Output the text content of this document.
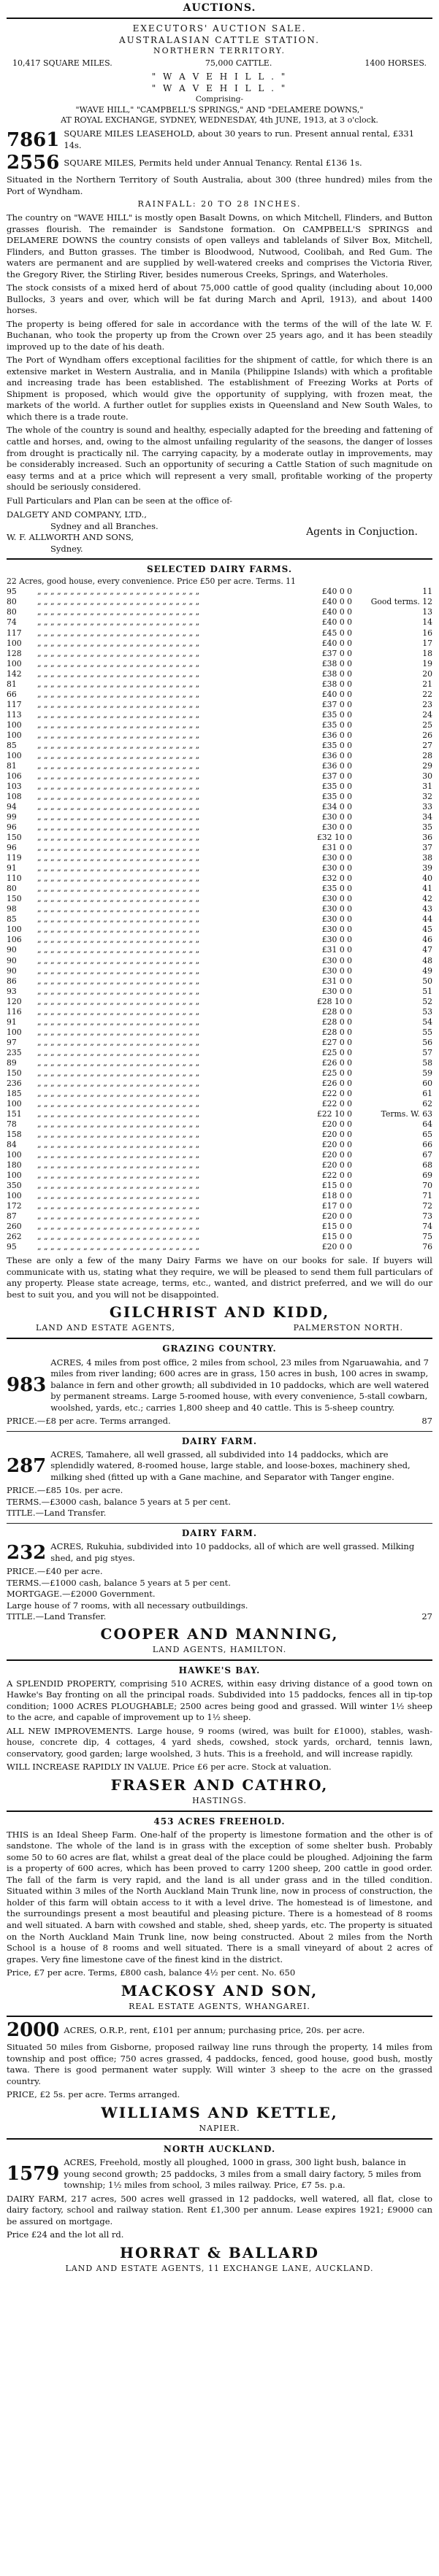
AUCTIONS.
EXECUTORS' AUCTION SALE.
AUSTRALASIAN CATTLE STATION.
NORTHERN TERRITORY.
10,417 SQUARE MILES.	75,000 CATTLE.	1400 HORSES.
" W A V E H I L L . "
" W A V E H I L L . "
Comprising-
"WAVE HILL," "CAMPBELL'S SPRINGS," AND "DELAMERE DOWNS,"
AT ROYAL EXCHANGE, SYDNEY, WEDNESDAY, 4th JUNE, 1913, at 3 o'clock.
7861 SQUARE MILES LEASEHOLD, about 30 years to run. Present annual rental, £331 14s.
2556 SQUARE MILES, Permits held under Annual Tenancy. Rental £136 1s.
Situated in the Northern Territory of South Australia, about 300 (three hundred) miles from the Port of Wyndham.
RAINFALL: 20 TO 28 INCHES.
The country on "WAVE HILL" is mostly open Basalt Downs, on which Mitchell, Flinders, and Button grasses flourish. The remainder is Sandstone formation. On CAMPBELL'S SPRINGS and DELAMERE DOWNS the country consists of open valleys and tablelands of Silver Box, Mitchell, Flinders, and Button grasses. The timber is Bloodwood, Nutwood, Coolibah, and Red Gum. The waters are permanent and are supplied by well-watered creeks and comprises the Victoria River, the Gregory River, the Stirling River, besides numerous Creeks, Springs, and Waterholes.
The stock consists of a mixed herd of about 75,000 cattle of good quality (including about 10,000 Bullocks, 3 years and over, which will be fat during March and April, 1913), and about 1400 horses.
The property is being offered for sale in accordance with the terms of the will of the late W. F. Buchanan, who took the property up from the Crown over 25 years ago, and it has been steadily improved up to the date of his death.
The Port of Wyndham offers exceptional facilities for the shipment of cattle, for which there is an extensive market in Western Australia, and in Manila (Philippine Islands) with which a profitable and increasing trade has been established. The establishment of Freezing Works at Ports of Shipment is proposed, which would give the opportunity of supplying, with frozen meat, the markets of the world. A further outlet for supplies exists in Queensland and New South Wales, to which there is a trade route.
The whole of the country is sound and healthy, especially adapted for the breeding and fattening of cattle and horses, and, owing to the almost unfailing regularity of the seasons, the danger of losses from drought is practically nil. The carrying capacity, by a moderate outlay in improvements, may be considerably increased. Such an opportunity of securing a Cattle Station of such magnitude on easy terms and at a price which will represent a very small, profitable working of the property should be seriously considered.
Full Particulars and Plan can be seen at the office of-
DALGETY AND COMPANY, LTD.,
Sydney and all Branches.
W. F. ALLWORTH AND SONS,
Sydney.
Agents in Conjuction.
SELECTED DAIRY FARMS.
22 Acres, good house, every convenience. Price £50 per acre. Terms. 11
95	„ „ „ „ „ „ „ „ „ „ „ „ „ „ „ „ „ „ „ „ „ „ „ „ „	£40 0 0	11
80	„ „ „ „ „ „ „ „ „ „ „ „ „ „ „ „ „ „ „ „ „ „ „ „ „	£40 0 0	Good terms. 12
80	„ „ „ „ „ „ „ „ „ „ „ „ „ „ „ „ „ „ „ „ „ „ „ „ „	£40 0 0	13
74	„ „ „ „ „ „ „ „ „ „ „ „ „ „ „ „ „ „ „ „ „ „ „ „ „	£40 0 0	14
117	„ „ „ „ „ „ „ „ „ „ „ „ „ „ „ „ „ „ „ „ „ „ „ „ „	£45 0 0	16
100	„ „ „ „ „ „ „ „ „ „ „ „ „ „ „ „ „ „ „ „ „ „ „ „ „	£40 0 0	17
128	„ „ „ „ „ „ „ „ „ „ „ „ „ „ „ „ „ „ „ „ „ „ „ „ „	£37 0 0	18
100	„ „ „ „ „ „ „ „ „ „ „ „ „ „ „ „ „ „ „ „ „ „ „ „ „	£38 0 0	19
142	„ „ „ „ „ „ „ „ „ „ „ „ „ „ „ „ „ „ „ „ „ „ „ „ „	£38 0 0	20
81	„ „ „ „ „ „ „ „ „ „ „ „ „ „ „ „ „ „ „ „ „ „ „ „ „	£38 0 0	21
66	„ „ „ „ „ „ „ „ „ „ „ „ „ „ „ „ „ „ „ „ „ „ „ „ „	£40 0 0	22
117	„ „ „ „ „ „ „ „ „ „ „ „ „ „ „ „ „ „ „ „ „ „ „ „ „	£37 0 0	23
113	„ „ „ „ „ „ „ „ „ „ „ „ „ „ „ „ „ „ „ „ „ „ „ „ „	£35 0 0	24
100	„ „ „ „ „ „ „ „ „ „ „ „ „ „ „ „ „ „ „ „ „ „ „ „ „	£35 0 0	25
100	„ „ „ „ „ „ „ „ „ „ „ „ „ „ „ „ „ „ „ „ „ „ „ „ „	£36 0 0	26
85	„ „ „ „ „ „ „ „ „ „ „ „ „ „ „ „ „ „ „ „ „ „ „ „ „	£35 0 0	27
100	„ „ „ „ „ „ „ „ „ „ „ „ „ „ „ „ „ „ „ „ „ „ „ „ „	£36 0 0	28
81	„ „ „ „ „ „ „ „ „ „ „ „ „ „ „ „ „ „ „ „ „ „ „ „ „	£36 0 0	29
106	„ „ „ „ „ „ „ „ „ „ „ „ „ „ „ „ „ „ „ „ „ „ „ „ „	£37 0 0	30
103	„ „ „ „ „ „ „ „ „ „ „ „ „ „ „ „ „ „ „ „ „ „ „ „ „	£35 0 0	31
108	„ „ „ „ „ „ „ „ „ „ „ „ „ „ „ „ „ „ „ „ „ „ „ „ „	£35 0 0	32
94	„ „ „ „ „ „ „ „ „ „ „ „ „ „ „ „ „ „ „ „ „ „ „ „ „	£34 0 0	33
99	„ „ „ „ „ „ „ „ „ „ „ „ „ „ „ „ „ „ „ „ „ „ „ „ „	£30 0 0	34
96	„ „ „ „ „ „ „ „ „ „ „ „ „ „ „ „ „ „ „ „ „ „ „ „ „	£30 0 0	35
150	„ „ „ „ „ „ „ „ „ „ „ „ „ „ „ „ „ „ „ „ „ „ „ „ „	£32 10 0	36
96	„ „ „ „ „ „ „ „ „ „ „ „ „ „ „ „ „ „ „ „ „ „ „ „ „	£31 0 0	37
119	„ „ „ „ „ „ „ „ „ „ „ „ „ „ „ „ „ „ „ „ „ „ „ „ „	£30 0 0	38
91	„ „ „ „ „ „ „ „ „ „ „ „ „ „ „ „ „ „ „ „ „ „ „ „ „	£30 0 0	39
110	„ „ „ „ „ „ „ „ „ „ „ „ „ „ „ „ „ „ „ „ „ „ „ „ „	£32 0 0	40
80	„ „ „ „ „ „ „ „ „ „ „ „ „ „ „ „ „ „ „ „ „ „ „ „ „	£35 0 0	41
150	„ „ „ „ „ „ „ „ „ „ „ „ „ „ „ „ „ „ „ „ „ „ „ „ „	£30 0 0	42
98	„ „ „ „ „ „ „ „ „ „ „ „ „ „ „ „ „ „ „ „ „ „ „ „ „	£30 0 0	43
85	„ „ „ „ „ „ „ „ „ „ „ „ „ „ „ „ „ „ „ „ „ „ „ „ „	£30 0 0	44
100	„ „ „ „ „ „ „ „ „ „ „ „ „ „ „ „ „ „ „ „ „ „ „ „ „	£30 0 0	45
106	„ „ „ „ „ „ „ „ „ „ „ „ „ „ „ „ „ „ „ „ „ „ „ „ „	£30 0 0	46
90	„ „ „ „ „ „ „ „ „ „ „ „ „ „ „ „ „ „ „ „ „ „ „ „ „	£31 0 0	47
90	„ „ „ „ „ „ „ „ „ „ „ „ „ „ „ „ „ „ „ „ „ „ „ „ „	£30 0 0	48
90	„ „ „ „ „ „ „ „ „ „ „ „ „ „ „ „ „ „ „ „ „ „ „ „ „	£30 0 0	49
86	„ „ „ „ „ „ „ „ „ „ „ „ „ „ „ „ „ „ „ „ „ „ „ „ „	£31 0 0	50
93	„ „ „ „ „ „ „ „ „ „ „ „ „ „ „ „ „ „ „ „ „ „ „ „ „	£30 0 0	51
120	„ „ „ „ „ „ „ „ „ „ „ „ „ „ „ „ „ „ „ „ „ „ „ „ „	£28 10 0	52
116	„ „ „ „ „ „ „ „ „ „ „ „ „ „ „ „ „ „ „ „ „ „ „ „ „	£28 0 0	53
91	„ „ „ „ „ „ „ „ „ „ „ „ „ „ „ „ „ „ „ „ „ „ „ „ „	£28 0 0	54
100	„ „ „ „ „ „ „ „ „ „ „ „ „ „ „ „ „ „ „ „ „ „ „ „ „	£28 0 0	55
97	„ „ „ „ „ „ „ „ „ „ „ „ „ „ „ „ „ „ „ „ „ „ „ „ „	£27 0 0	56
235	„ „ „ „ „ „ „ „ „ „ „ „ „ „ „ „ „ „ „ „ „ „ „ „ „	£25 0 0	57
89	„ „ „ „ „ „ „ „ „ „ „ „ „ „ „ „ „ „ „ „ „ „ „ „ „	£26 0 0	58
150	„ „ „ „ „ „ „ „ „ „ „ „ „ „ „ „ „ „ „ „ „ „ „ „ „	£25 0 0	59
236	„ „ „ „ „ „ „ „ „ „ „ „ „ „ „ „ „ „ „ „ „ „ „ „ „	£26 0 0	60
185	„ „ „ „ „ „ „ „ „ „ „ „ „ „ „ „ „ „ „ „ „ „ „ „ „	£22 0 0	61
100	„ „ „ „ „ „ „ „ „ „ „ „ „ „ „ „ „ „ „ „ „ „ „ „ „	£22 0 0	62
151	„ „ „ „ „ „ „ „ „ „ „ „ „ „ „ „ „ „ „ „ „ „ „ „ „	£22 10 0	Terms. W. 63
78	„ „ „ „ „ „ „ „ „ „ „ „ „ „ „ „ „ „ „ „ „ „ „ „ „	£20 0 0	64
158	„ „ „ „ „ „ „ „ „ „ „ „ „ „ „ „ „ „ „ „ „ „ „ „ „	£20 0 0	65
84	„ „ „ „ „ „ „ „ „ „ „ „ „ „ „ „ „ „ „ „ „ „ „ „ „	£20 0 0	66
100	„ „ „ „ „ „ „ „ „ „ „ „ „ „ „ „ „ „ „ „ „ „ „ „ „	£20 0 0	67
180	„ „ „ „ „ „ „ „ „ „ „ „ „ „ „ „ „ „ „ „ „ „ „ „ „	£20 0 0	68
100	„ „ „ „ „ „ „ „ „ „ „ „ „ „ „ „ „ „ „ „ „ „ „ „ „	£22 0 0	69
350	„ „ „ „ „ „ „ „ „ „ „ „ „ „ „ „ „ „ „ „ „ „ „ „ „	£15 0 0	70
100	„ „ „ „ „ „ „ „ „ „ „ „ „ „ „ „ „ „ „ „ „ „ „ „ „	£18 0 0	71
172	„ „ „ „ „ „ „ „ „ „ „ „ „ „ „ „ „ „ „ „ „ „ „ „ „	£17 0 0	72
87	„ „ „ „ „ „ „ „ „ „ „ „ „ „ „ „ „ „ „ „ „ „ „ „ „	£20 0 0	73
260	„ „ „ „ „ „ „ „ „ „ „ „ „ „ „ „ „ „ „ „ „ „ „ „ „	£15 0 0	74
262	„ „ „ „ „ „ „ „ „ „ „ „ „ „ „ „ „ „ „ „ „ „ „ „ „	£15 0 0	75
95	„ „ „ „ „ „ „ „ „ „ „ „ „ „ „ „ „ „ „ „ „ „ „ „ „	£20 0 0	76
These are only a few of the many Dairy Farms we have on our books for sale. If buyers will communicate with us, stating what they require, we will be pleased to send them full particulars of any property. Please state acreage, terms, etc., wanted, and district preferred, and we will do our best to suit you, and you will not be disappointed.
GILCHRIST AND KIDD,
LAND AND ESTATE AGENTS,	PALMERSTON NORTH.
GRAZING COUNTRY.
983
ACRES, 4 miles from post office, 2 miles from school, 23 miles from Ngaruawahia, and 7 miles from river landing; 600 acres are in grass, 150 acres in bush, 100 acres in swamp, balance in fern and other growth; all subdivided in 10 paddocks, which are well watered by permanent streams. Large 5-roomed house, with every convenience, 5-stall cowbarn, woolshed, yards, etc.; carries 1,800 sheep and 40 cattle. This is 5-sheep country.
PRICE.—£8 per acre. Terms arranged.	87
DAIRY FARM.
287
ACRES, Tamahere, all well grassed, all subdivided into 14 paddocks, which are splendidly watered, 8-roomed house, large stable, and loose-boxes, machinery shed, milking shed (fitted up with a Gane machine, and Separator with Tanger engine.
PRICE.—£85 10s. per acre.
TERMS.—£3000 cash, balance 5 years at 5 per cent.
TITLE.—Land Transfer.
DAIRY FARM.
232 ACRES, Rukuhia, subdivided into 10 paddocks, all of which are well grassed. Milking shed, and pig styes.
PRICE.—£40 per acre.
TERMS.—£1000 cash, balance 5 years at 5 per cent.
MORTGAGE.—£2000 Government.
Large house of 7 rooms, with all necessary outbuildings.
TITLE.—Land Transfer.	27
COOPER AND MANNING,
LAND AGENTS, HAMILTON.
HAWKE'S BAY.
A SPLENDID PROPERTY, comprising 510 ACRES, within easy driving distance of a good town on Hawke's Bay fronting on all the principal roads. Subdivided into 15 paddocks, fences all in tip-top condition; 1000 ACRES PLOUGHABLE; 2500 acres being good and grassed. Will winter 1½ sheep to the acre, and capable of improvement up to 1½ sheep.
ALL NEW IMPROVEMENTS. Large house, 9 rooms (wired, was built for £1000), stables, wash-house, concrete dip, 4 cottages, 4 yard sheds, cowshed, stock yards, orchard, tennis lawn, conservatory, good garden; large woolshed, 3 huts. This is a freehold, and will increase rapidly.
WILL INCREASE RAPIDLY IN VALUE. Price £6 per acre. Stock at valuation.
FRASER AND CATHRO,
HASTINGS.
453 ACRES FREEHOLD.
THIS is an Ideal Sheep Farm. One-half of the property is limestone formation and the other is of sandstone. The whole of the land is in grass with the exception of some shelter bush. Probably some 50 to 60 acres are flat, whilst a great deal of the place could be ploughed. Adjoining the farm is a property of 600 acres, which has been proved to carry 1200 sheep, 200 cattle in good order. The fall of the farm is very rapid, and the land is all under grass and in the tilled condition. Situated within 3 miles of the North Auckland Main Trunk line, now in process of construction, the holder of this farm will obtain access to it with a level drive. The homestead is of limestone, and the surroundings present a most beautiful and pleasing picture. There is a homestead of 8 rooms and well situated. A barn with cowshed and stable, shed, sheep yards, etc. The property is situated on the North Auckland Main Trunk line, now being constructed. About 2 miles from the North School is a house of 8 rooms and well situated. There is a small vineyard of about 2 acres of grapes. Very fine limestone cave of the finest kind in the district.
Price, £7 per acre. Terms, £800 cash, balance 4½ per cent. No. 650
MACKOSY AND SON,
REAL ESTATE AGENTS, WHANGAREI.
2000 ACRES, O.R.P., rent, £101 per annum; purchasing price, 20s. per acre.
Situated 50 miles from Gisborne, proposed railway line runs through the property, 14 miles from township and post office; 750 acres grassed, 4 paddocks, fenced, good house, good bush, mostly tawa. There is good permanent water supply. Will winter 3 sheep to the acre on the grassed country.
PRICE, £2 5s. per acre. Terms arranged.
WILLIAMS AND KETTLE,
NAPIER.
NORTH AUCKLAND.
1579
ACRES, Freehold, mostly all ploughed, 1000 in grass, 300 light bush, balance in young second growth; 25 paddocks, 3 miles from a small dairy factory, 5 miles from township; 1½ miles from school, 3 miles railway. Price, £7 5s. p.a.
DAIRY FARM, 217 acres, 500 acres well grassed in 12 paddocks, well watered, all flat, close to dairy factory, school and railway station. Rent £1,300 per annum. Lease expires 1921; £9000 can be assured on mortgage.
Price £24 and the lot all rd.
HORRAT & BALLARD
LAND AND ESTATE AGENTS, 11 EXCHANGE LANE, AUCKLAND.
